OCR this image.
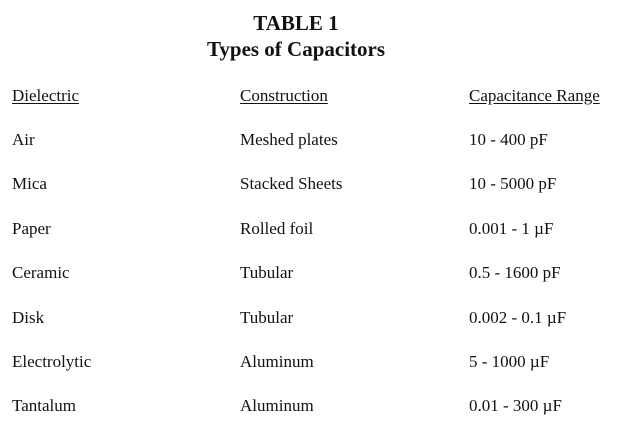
TABLE 1
Types of Capacitors
Dielectric	Construction	Capacitance Range
Air	Meshed plates	10 - 400 pF
Mica	Stacked Sheets	10 - 5000 pF
Paper	Rolled foil	0.001 - 1 µF
Ceramic	Tubular	0.5 - 1600 pF
Disk	Tubular	0.002 - 0.1 µF
Electrolytic	Aluminum	5 - 1000 µF
Tantalum	Aluminum	0.01 - 300 µF
